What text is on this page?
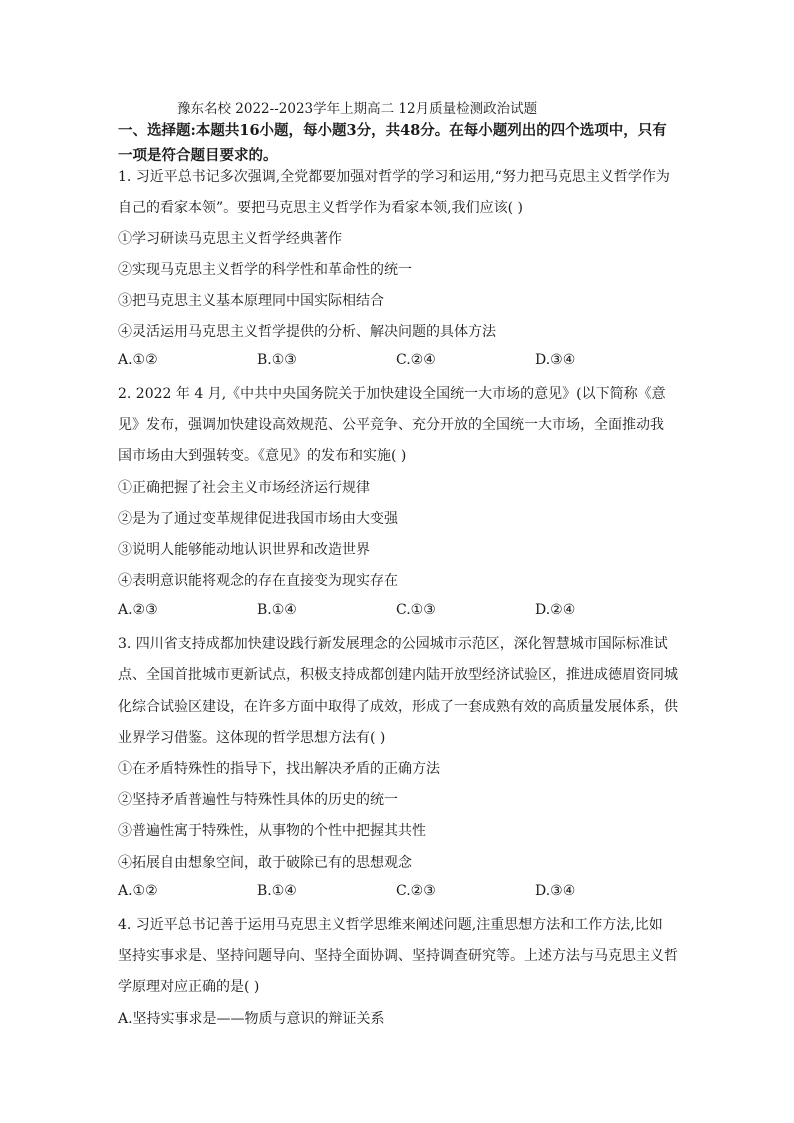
豫东名校 2022--2023学年上期高二 12月质量检测政治试题
一、选择题:本题共16小题，每小题3分，共48分。在每小题列出的四个选项中，只有一项是符合题目要求的。
1. 习近平总书记多次强调,全党都要加强对哲学的学习和运用,“努力把马克思主义哲学作为
自己的看家本领”。要把马克思主义哲学作为看家本领,我们应该( )
①学习研读马克思主义哲学经典著作
②实现马克思主义哲学的科学性和革命性的统一
③把马克思主义基本原理同中国实际相结合
④灵活运用马克思主义哲学提供的分析、解决问题的具体方法
A.①②	B.①③	C.②④	D.③④
2. 2022 年 4 月,《中共中央国务院关于加快建设全国统一大市场的意见》(以下简称《意
见》发布，强调加快建设高效规范、公平竞争、充分开放的全国统一大市场，全面推动我
国市场由大到强转变。《意见》的发布和实施( )
①正确把握了社会主义市场经济运行规律
②是为了通过变革规律促进我国市场由大变强
③说明人能够能动地认识世界和改造世界
④表明意识能将观念的存在直接变为现实存在
A.②③	B.①④	C.①③	D.②④
3. 四川省支持成都加快建设践行新发展理念的公园城市示范区，深化智慧城市国际标准试
点、全国首批城市更新试点，积极支持成都创建内陆开放型经济试验区，推进成德眉资同城
化综合试验区建设，在许多方面中取得了成效，形成了一套成熟有效的高质量发展体系，供
业界学习借鉴。这体现的哲学思想方法有( )
①在矛盾特殊性的指导下，找出解决矛盾的正确方法
②坚持矛盾普遍性与特殊性具体的历史的统一
③普遍性寓于特殊性，从事物的个性中把握其共性
④拓展自由想象空间，敢于破除已有的思想观念
A.①②	B.①④	C.②③	D.③④
4. 习近平总书记善于运用马克思主义哲学思维来阐述问题,注重思想方法和工作方法,比如
坚持实事求是、坚持问题导向、坚持全面协调、坚持调查研究等。上述方法与马克思主义哲
学原理对应正确的是( )
A.坚持实事求是——物质与意识的辩证关系
